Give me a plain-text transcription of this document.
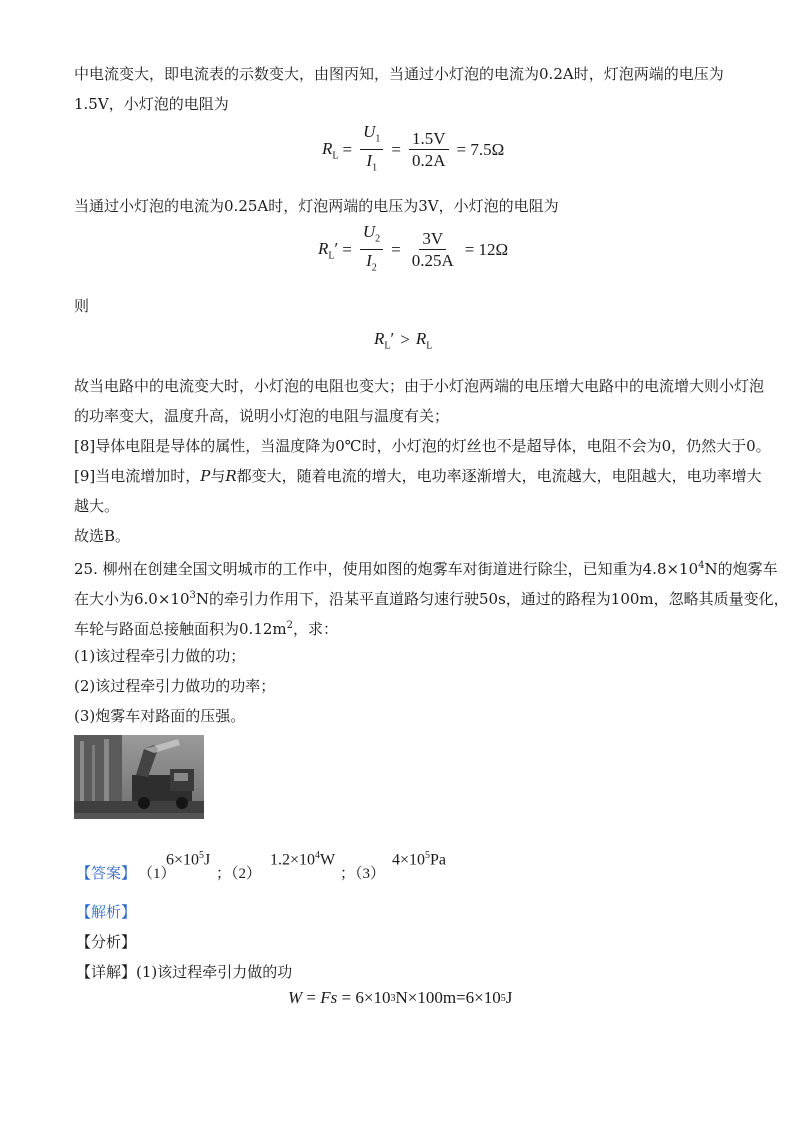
中电流变大，即电流表的示数变大，由图丙知，当通过小灯泡的电流为0.2A时，灯泡两端的电压为
1.5V，小灯泡的电阻为
$R_L = \frac{U_1}{I_1} = \frac{1.5V}{0.2A} = 7.5\Omega$
当通过小灯泡的电流为0.25A时，灯泡两端的电压为3V，小灯泡的电阻为
$R_L' = \frac{U_2}{I_2} = \frac{3V}{0.25A} = 12\Omega$
则
$R_L' > R_L$
故当电路中的电流变大时，小灯泡的电阻也变大；由于小灯泡两端的电压增大电路中的电流增大则小灯泡
的功率变大，温度升高，说明小灯泡的电阻与温度有关；
[8]导体电阻是导体的属性，当温度降为0℃时，小灯泡的灯丝也不是超导体，电阻不会为0，仍然大于0。
[9]当电流增加时，P与R都变大，随着电流的增大，电功率逐渐增大，电流越大，电阻越大，电功率增大
越大。
故选B。
25. 柳州在创建全国文明城市的工作中，使用如图的炮雾车对街道进行除尘，已知重为$4.8\times 10^4N$的炮雾车
在大小为$6.0\times 10^3N$的牵引力作用下，沿某平直道路匀速行驶50s，通过的路程为100m，忽略其质量变化，
车轮与路面总接触面积为$0.12m^2$，求：
(1)该过程牵引力做的功；
(2)该过程牵引力做功的功率；
(3)炮雾车对路面的压强。
【答案】 （1）
$6\times 10^5J$
；（2）
$1.2\times 10^4W$
；（3）
$4\times 10^5Pa$
【解析】
【分析】
【详解】(1)该过程牵引力做的功
W = Fs = 6×10 3 N×100m=6×10 5 J
